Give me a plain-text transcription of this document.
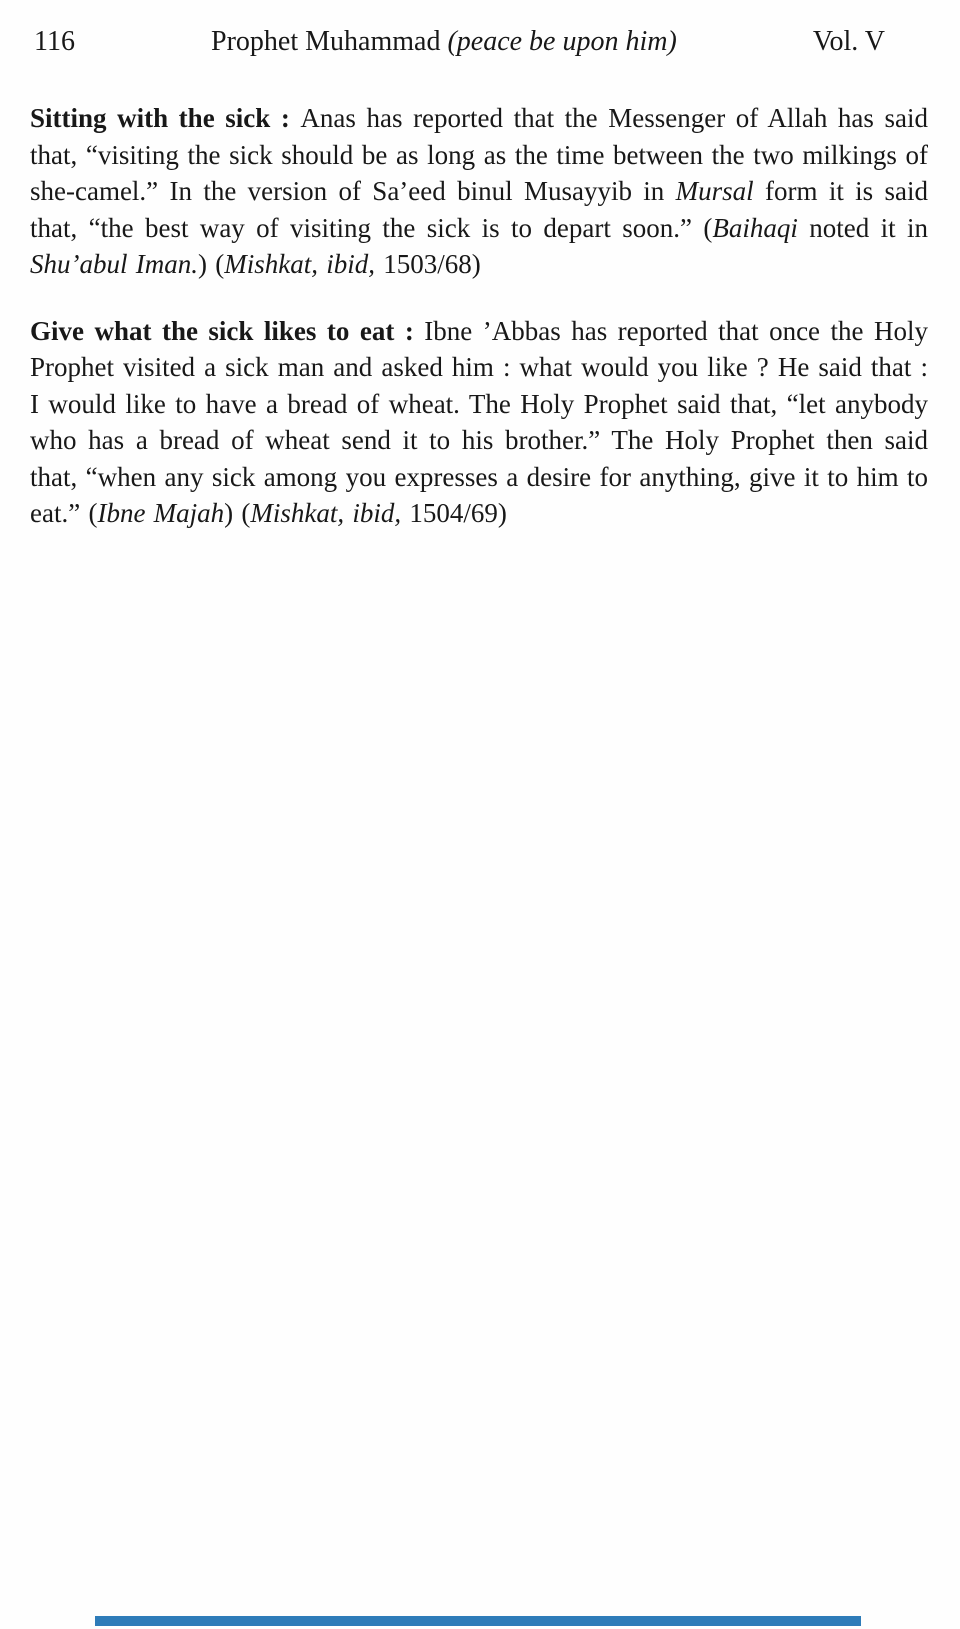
116	Prophet Muhammad (peace be upon him)	Vol. V

Sitting with the sick : Anas has reported that the Messenger of Allah has said that, “visiting the sick should be as long as the time between the two milkings of she-camel.” In the version of Sa’eed binul Musayyib in Mursal form it is said that, “the best way of visiting the sick is to depart soon.” (Baihaqi noted it in Shu’abul Iman.) (Mishkat, ibid, 1503/68)

Give what the sick likes to eat : Ibne ’Abbas has reported that once the Holy Prophet visited a sick man and asked him : what would you like ? He said that : I would like to have a bread of wheat. The Holy Prophet said that, “let anybody who has a bread of wheat send it to his brother.” The Holy Prophet then said that, “when any sick among you expresses a desire for anything, give it to him to eat.” (Ibne Majah) (Mishkat, ibid, 1504/69)
